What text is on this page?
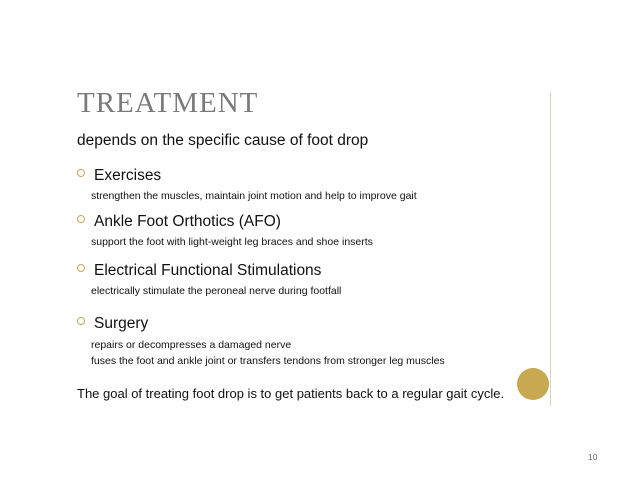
TREATMENT
depends on the specific cause of foot drop
Exercises
strengthen the muscles, maintain joint motion and help to improve gait
Ankle Foot Orthotics (AFO)
support the foot with light-weight leg braces and shoe inserts
Electrical Functional Stimulations
electrically stimulate the peroneal nerve during footfall
Surgery
repairs or decompresses a damaged nerve
fuses the foot and ankle joint or transfers tendons from stronger leg muscles
The goal of treating foot drop is to get patients back to a regular gait cycle.
10
